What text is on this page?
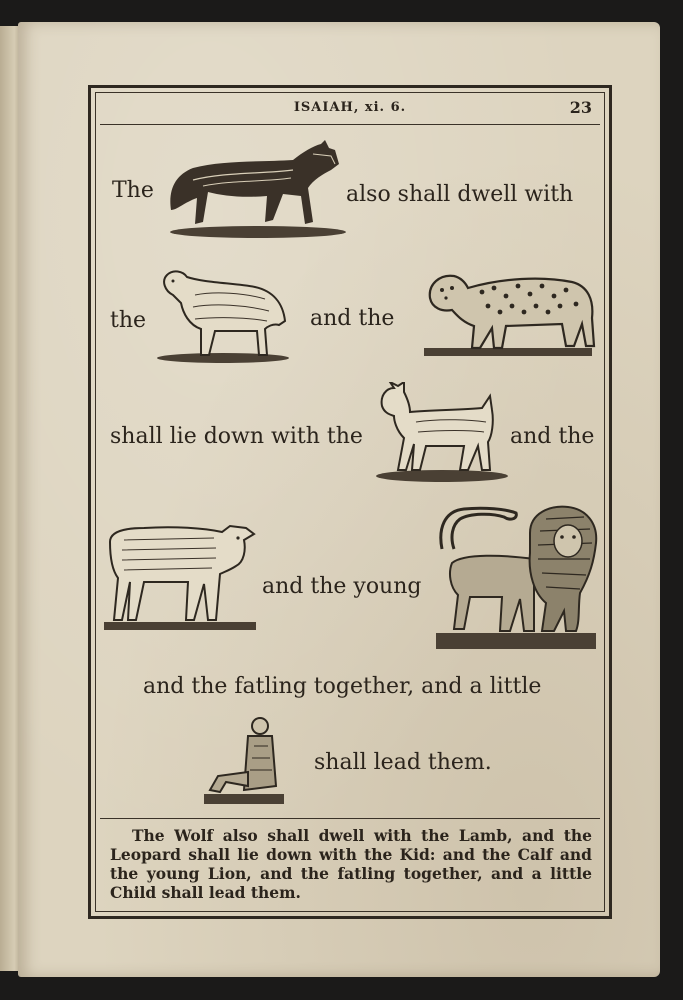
ISAIAH, xi. 6.	23
The	also shall dwell with
the	and the
shall lie down with the	and the
and the young
and the fatling together, and a little
shall lead them.
The Wolf also shall dwell with the Lamb, and the Leopard shall lie down with the Kid: and the Calf and the young Lion, and the fatling together, and a little Child shall lead them.
